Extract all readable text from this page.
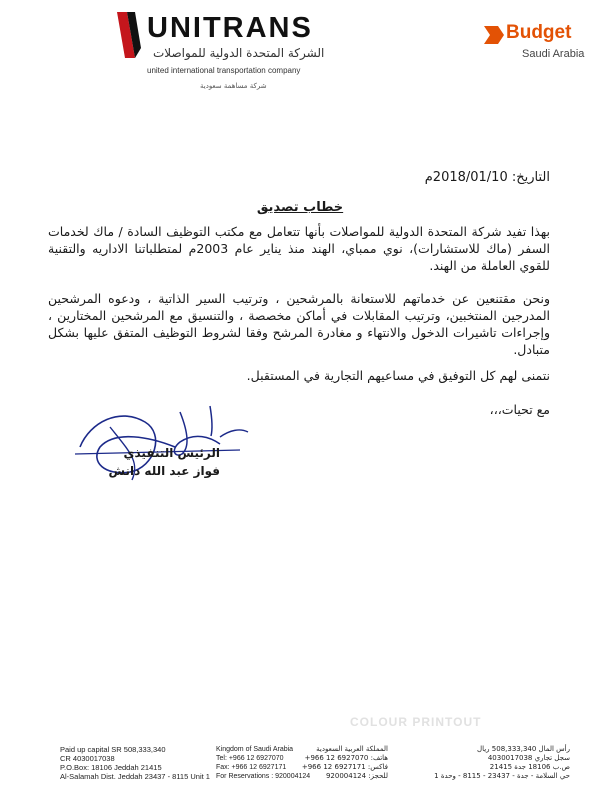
UNITRANS
الشركة المتحدة الدولية للمواصلات
united international transportation company
شركة مساهمة سعودية
Budget
Saudi Arabia
التاريخ: 2018/01/10م
خطاب تصديق
بهذا تفيد شركة المتحدة الدولية للمواصلات بأنها تتعامل مع مكتب التوظيف السادة / ماك لخدمات السفر (ماك للاستشارات)، نوي ممباي، الهند منذ يناير عام 2003م لمتطلباتنا الاداريه والتقنية للقوي العاملة من الهند.
ونحن مقتنعين عن خدماتهم للاستعانة بالمرشحين ، وترتيب السير الذاتية ، ودعوه المرشحين المدرجين المنتخبين، وترتيب المقابلات في أماكن مخصصة ، والتنسيق مع المرشحين المختارين ، وإجراءات تاشيرات الدخول والانتهاء و مغادرة المرشح وفقا لشروط التوظيف المتفق عليها بشكل متبادل.
نتمنى لهم كل التوفيق في مساعيهم التجارية في المستقبل.
مع تحيات،،،
الرئيس التنفيذي
فواز عبد الله دانش
COLOUR PRINTOUT
Paid up capital SR 508,333,340
CR 4030017038
P.O.Box: 18106 Jeddah 21415
Al-Salamah Dist. Jeddah 23437 - 8115 Unit 1
Kingdom of Saudi Arabia
Tel: +966 12 6927070
Fax: +966 12 6927171
For Reservations : 920004124
المملكة العربية السعودية
هاتف: 6927070 12 966+
فاكس: 6927171 12 966+
للحجز: 920004124
رأس المال 508,333,340 ريال
سجل تجاري 4030017038
ص.ب 18106 جدة 21415
حي السلامة - جدة - 23437 - 8115 - وحدة 1
